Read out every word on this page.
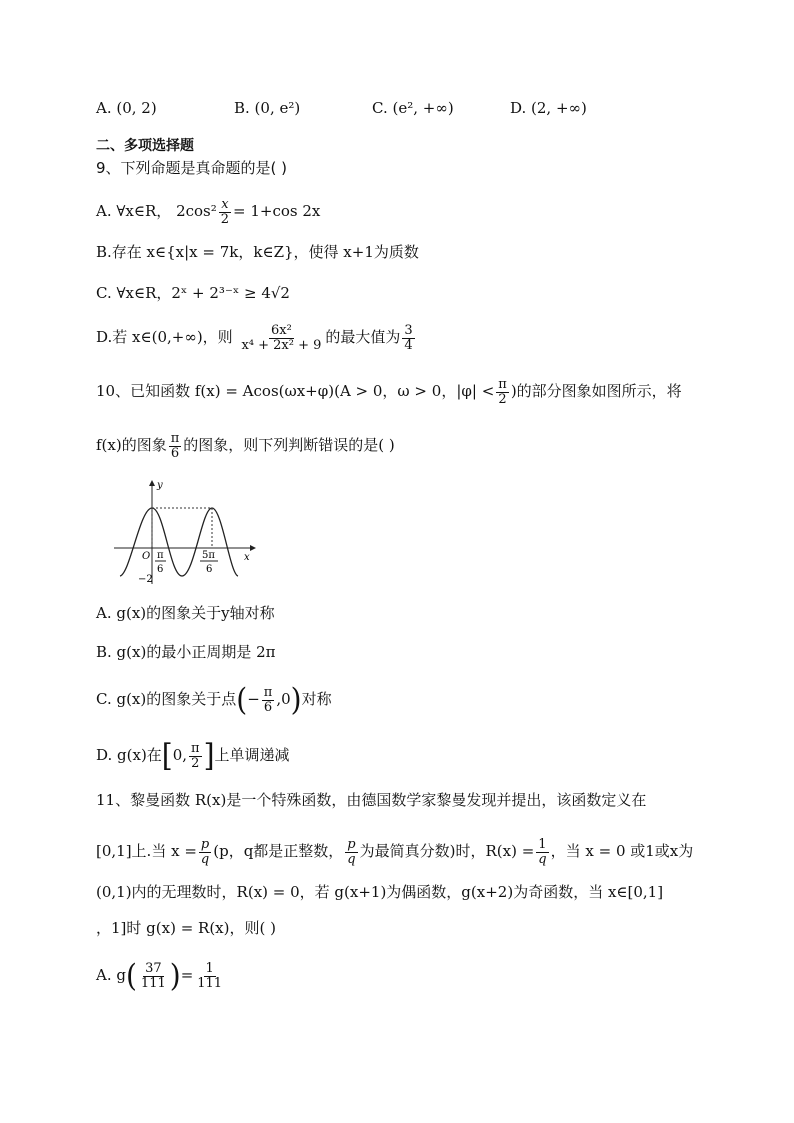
A. (0, 2)	B. (0, e²)	C. (e², +∞)	D. (2, +∞)
二、多项选择题
9、下列命题是真命题的是( )
A. ∀x∈R， $2\cos^2 \frac{x}{2} = 1+\cos$ 2x
B.存在 x∈{x|x = 7k，k∈Z}，使得 x+1为质数
C. ∀x∈R，2ˣ + 2³⁻ˣ ≥ 4√2
D.若 x∈(0,+∞)，则 $\frac{\text{6x²}}{\text{x⁴ + 2x² + 9}}$ 的最大值为 $\frac{3}{4}$
10、已知函数 f(x) = Acos(ωx+φ)(A > 0，ω > 0，$|\varphi| < \frac{\pi}{2}$ )的部分图象如图所示，将
f(x)的图象 $\frac{\pi}{6}$ 的图象，则下列判断错误的是( )
y
x
O
−2
π
6
5π
6
A. g(x)的图象关于y轴对称
B. g(x)的最小正周期是 2π
C. g(x)的图象关于点(− $\frac{\pi}{6} ,0$)对称
D. g(x)在[0, $\frac{\pi}{2}$ ]上单调递减
11、黎曼函数 R(x)是一个特殊函数，由德国数学家黎曼发现并提出，该函数定义在
[0,1]上.当 $x = \frac{p}{q} (p$，q都是正整数， $\frac{p}{q}$ 为最简真分数)时，$R(x) = \frac{1}{q}$ ，当 x = 0 或1或x为
(0,1)内的无理数时，R(x) = 0，若 g(x+1)为偶函数，g(x+2)为奇函数，当 x∈[0,1]
，1]时 g(x) = R(x)，则( )
A. $g( \frac{37}{111}$ )= $\frac{1}{111}$
